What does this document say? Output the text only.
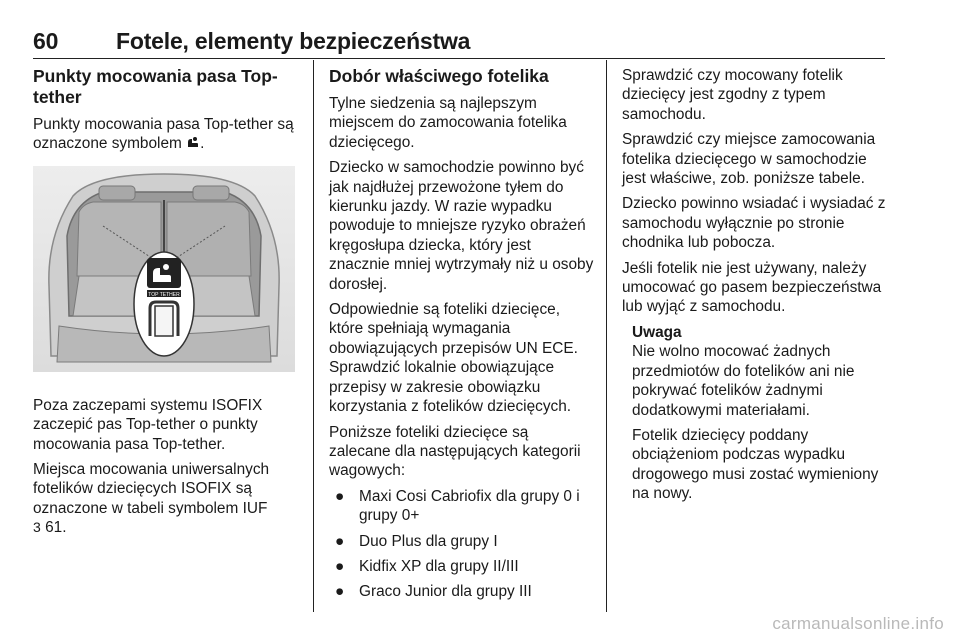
60	Fotele, elementy bezpieczeństwa
Punkty mocowania pasa Top-tether

Punkty mocowania pasa Top-tether są oznaczone symbolem .

TOP TETHER

Poza zaczepami systemu ISOFIX zaczepić pas Top-tether o punkty mocowania pasa Top-tether.

Miejsca mocowania uniwersalnych fotelików dziecięcych ISOFIX są oznaczone w tabeli symbolem IUF
3 61.

Dobór właściwego fotelika

Tylne siedzenia są najlepszym miejscem do zamocowania fotelika dziecięcego.

Dziecko w samochodzie powinno być jak najdłużej przewożone tyłem do kierunku jazdy. W razie wypadku powoduje to mniejsze ryzyko obrażeń kręgosłupa dziecka, który jest znacznie mniej wytrzymały niż u osoby dorosłej.

Odpowiednie są foteliki dziecięce, które spełniają wymagania obowiązujących przepisów UN ECE. Sprawdzić lokalnie obowiązujące przepisy w zakresie obowiązku korzystania z fotelików dziecięcych.

Poniższe foteliki dziecięce są zalecane dla następujących kategorii wagowych:

● Maxi Cosi Cabriofix dla grupy 0 i grupy 0+
● Duo Plus dla grupy I
● Kidfix XP dla grupy II/III
● Graco Junior dla grupy III

Sprawdzić czy mocowany fotelik dziecięcy jest zgodny z typem samochodu.

Sprawdzić czy miejsce zamocowania fotelika dziecięcego w samochodzie jest właściwe, zob. poniższe tabele.

Dziecko powinno wsiadać i wysiadać z samochodu wyłącznie po stronie chodnika lub pobocza.

Jeśli fotelik nie jest używany, należy umocować go pasem bezpieczeństwa lub wyjąć z samochodu.

Uwaga

Nie wolno mocować żadnych przedmiotów do fotelików ani nie pokrywać fotelików żadnymi dodatkowymi materiałami.

Fotelik dziecięcy poddany obciążeniom podczas wypadku drogowego musi zostać wymieniony na nowy.

carmanualsonline.info
